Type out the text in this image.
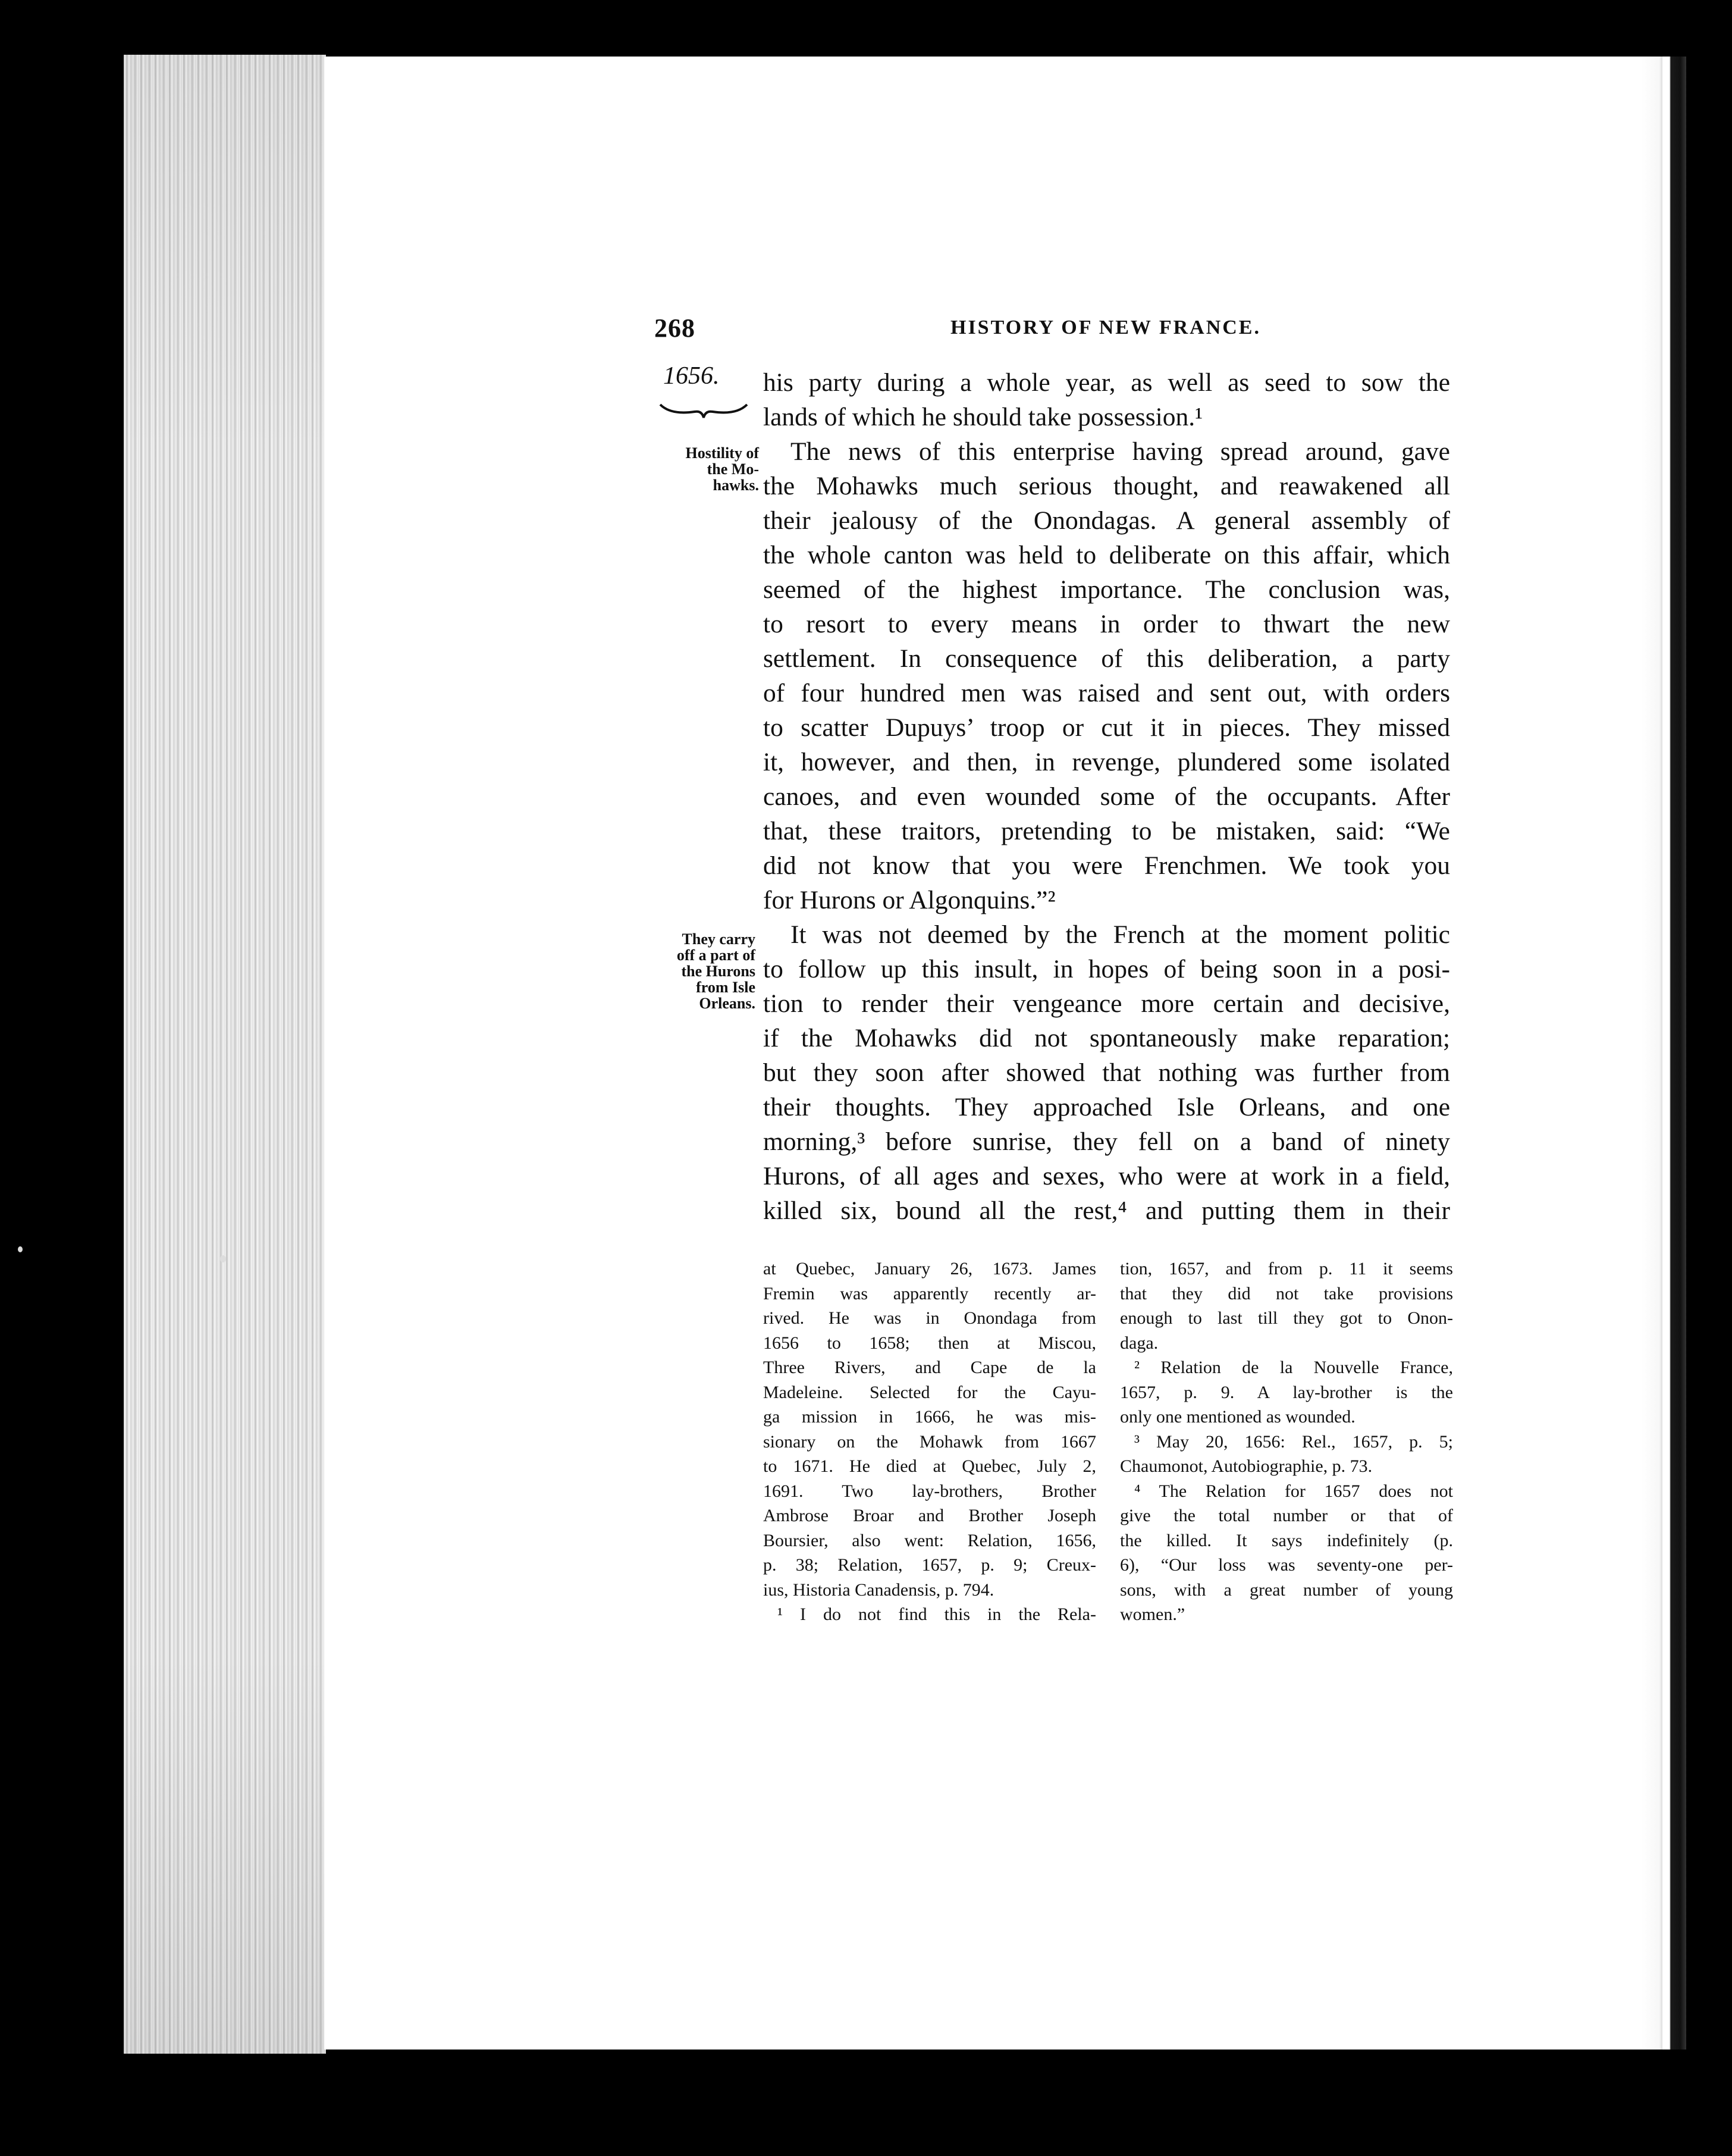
268	HISTORY OF NEW FRANCE.
1656.
Hostility of
the Mo-
hawks.
They carry
off a part of
the Hurons
from Isle
Orleans.

his party during a whole year, as well as seed to sow the

lands of which he should take possession.¹

The news of this enterprise having spread around, gave

the Mohawks much serious thought, and reawakened all

their jealousy of the Onondagas. A general assembly of

the whole canton was held to deliberate on this affair, which

seemed of the highest importance. The conclusion was,

to resort to every means in order to thwart the new

settlement. In consequence of this deliberation, a party

of four hundred men was raised and sent out, with orders

to scatter Dupuys’ troop or cut it in pieces. They missed

it, however, and then, in revenge, plundered some isolated

canoes, and even wounded some of the occupants. After

that, these traitors, pretending to be mistaken, said: “We

did not know that you were Frenchmen. We took you

for Hurons or Algonquins.”²

It was not deemed by the French at the moment politic

to follow up this insult, in hopes of being soon in a posi-

tion to render their vengeance more certain and decisive,

if the Mohawks did not spontaneously make reparation;

but they soon after showed that nothing was further from

their thoughts. They approached Isle Orleans, and one

morning,³ before sunrise, they fell on a band of ninety

Hurons, of all ages and sexes, who were at work in a field,

killed six, bound all the rest,⁴ and putting them in their

at Quebec, January 26, 1673. James

Fremin was apparently recently ar-

rived. He was in Onondaga from

1656 to 1658; then at Miscou,

Three Rivers, and Cape de la

Madeleine. Selected for the Cayu-

ga mission in 1666, he was mis-

sionary on the Mohawk from 1667

to 1671. He died at Quebec, July 2,

1691. Two lay-brothers, Brother

Ambrose Broar and Brother Joseph

Boursier, also went: Relation, 1656,

p. 38; Relation, 1657, p. 9; Creux-

ius, Historia Canadensis, p. 794.

¹ I do not find this in the Rela-

tion, 1657, and from p. 11 it seems

that they did not take provisions

enough to last till they got to Onon-

daga.

² Relation de la Nouvelle France,

1657, p. 9. A lay-brother is the

only one mentioned as wounded.

³ May 20, 1656: Rel., 1657, p. 5;

Chaumonot, Autobiographie, p. 73.

⁴ The Relation for 1657 does not

give the total number or that of

the killed. It says indefinitely (p.

6), “Our loss was seventy-one per-

sons, with a great number of young

women.”
